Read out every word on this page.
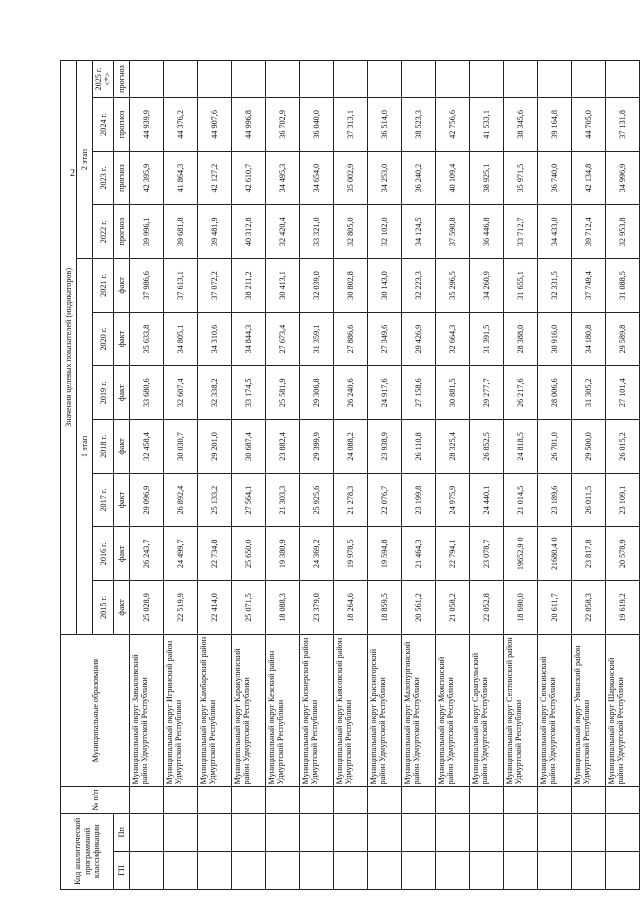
2
Код аналитической программной классификации		№ п/п	Муниципальные образования	Значения целевых показателей (индикаторов)										
				1 этап							2 этап			
				2015 г.	2016 г.	2017 г.	2018 г.	2019 г.	2020 г.	2021 г.	2022 г.	2023 г.	2024 г.	2025 г. <*>
ГП	Пп			факт	факт	факт	факт	факт	факт	факт	прогноз	прогноз	прогноз	прогноз
			Муниципальный округ Завьяловский район Удмуртской Республики	25 028,9	26 243,7	29 096,9	32 458,4	33 680,6	35 633,8	37 986,6	39 996,1	42 395,9	44 939,9	
			Муниципальный округ Игринский район Удмуртской Республики	22 519,9	24 499,7	26 892,4	30 030,7	32 607,4	34 805,1	37 613,1	39 681,8	41 864,3	44 376,2	
			Муниципальный округ Камбарский район Удмуртской Республики	22 414,0	22 734,8	25 133,2	29 201,0	32 338,2	34 310,6	37 072,2	39 481,9	42 127,2	44 907,6	
			Муниципальный округ Каракулинский район Удмуртской Республики	25 071,5	25 650,0	27 564,1	30 687,4	33 174,5	34 844,3	38 211,2	40 312,8	42 610,7	44 996,8	
			Муниципальный округ Кезский район Удмуртской Республики	18 088,3	19 380,9	21 303,3	23 882,4	25 581,9	27 673,4	30 413,1	32 420,4	34 495,3	36 702,9	
			Муниципальный округ Кизнерский район Удмуртской Республики	23 379,0	24 369,2	25 925,6	29 399,9	29 306,8	31 359,1	32 039,0	33 321,0	34 654,0	36 040,0	
			Муниципальный округ Киясовский район Удмуртской Республики	18 264,6	19 978,5	21 278,3	24 088,2	26 240,6	27 886,6	30 802,8	32 805,0	35 002,9	37 313,1	
			Муниципальный округ Красногорский район Удмуртской Республики	18 859,5	19 594,8	22 076,7	23 938,9	24 917,6	27 349,6	30 143,0	32 102,0	34 253,0	36 514,0	
			Муниципальный округ Малопургинский район Удмуртской Республики	20 561,2	21 464,3	23 199,8	26 110,8	27 158,6	29 426,9	32 223,3	34 124,5	36 240,2	38 523,3	
			Муниципальный округ Можгинский район Удмуртской Республики	21 058,2	22 794,1	24 975,9	28 325,4	30 881,5	32 664,3	35 296,5	37 590,8	40 109,4	42 756,6	
			Муниципальный округ Сарапульский район Удмуртской Республики	22 052,8	23 078,7	24 440,1	26 852,5	29 277,7	31 391,5	34 260,9	36 446,8	38 925,1	41 533,1	
			Муниципальный округ Селтинский район Удмуртской Республики	18 690,0	19652,9 0	21 014,5	24 818,5	26 217,6	28 388,0	31 655,1	33 712,7	35 971,5	38 345,6	
			Муниципальный округ Сюмсинский район Удмуртской Республики	20 611,7	21680,4 0	23 189,6	26 701,0	28 006,6	30 916,0	32 331,5	34 433,0	36 740,0	39 164,8	
			Муниципальный округ Увинский район Удмуртской Республики	22 058,3	23 817,8	26 011,5	29 500,0	31 305,2	34 180,8	37 749,4	39 712,4	42 134,8	44 705,0	
			Муниципальный округ Шарканский район Удмуртской Республики	19 619,2	20 578,9	23 109,1	26 015,2	27 101,4	29 589,8	31 088,5	32 953,8	34 996,9	37 131,8	
